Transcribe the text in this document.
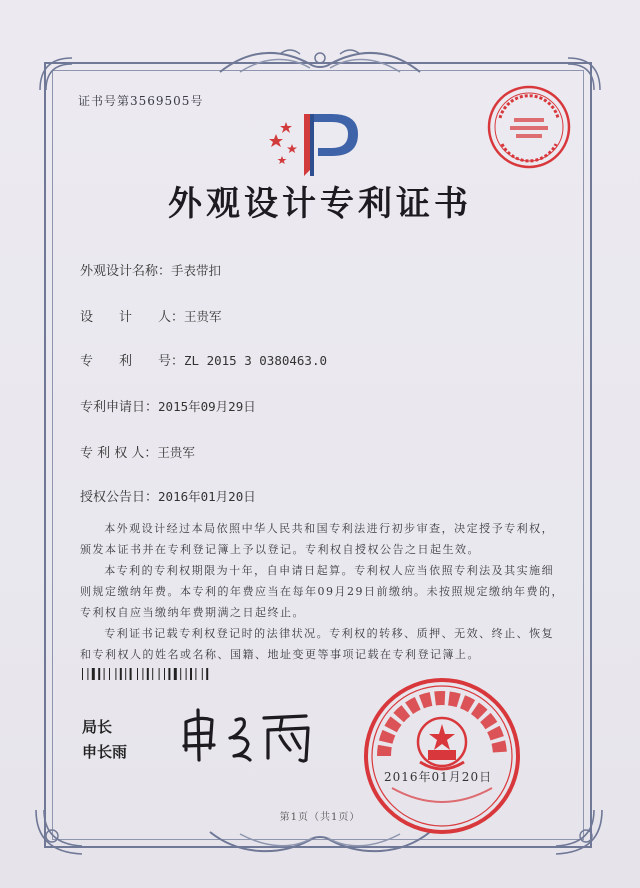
证书号第3569505号
外观设计专利证书
外观设计名称： 手表带扣
设　　计　　人： 王贵军
专　　利　　号： ZL 2015 3 0380463.0
专利申请日： 2015年09月29日
专 利 权 人： 王贵军
授权公告日： 2016年01月20日

本外观设计经过本局依照中华人民共和国专利法进行初步审查，决定授予专利权，颁发本证书并在专利登记簿上予以登记。专利权自授权公告之日起生效。

本专利的专利权期限为十年，自申请日起算。专利权人应当依照专利法及其实施细则规定缴纳年费。本专利的年费应当在每年09月29日前缴纳。未按照规定缴纳年费的，专利权自应当缴纳年费期满之日起终止。

专利证书记载专利权登记时的法律状况。专利权的转移、质押、无效、终止、恢复和专利权人的姓名或名称、国籍、地址变更等事项记载在专利登记簿上。

局长
申长雨
2016年01月20日
第1页（共1页）
